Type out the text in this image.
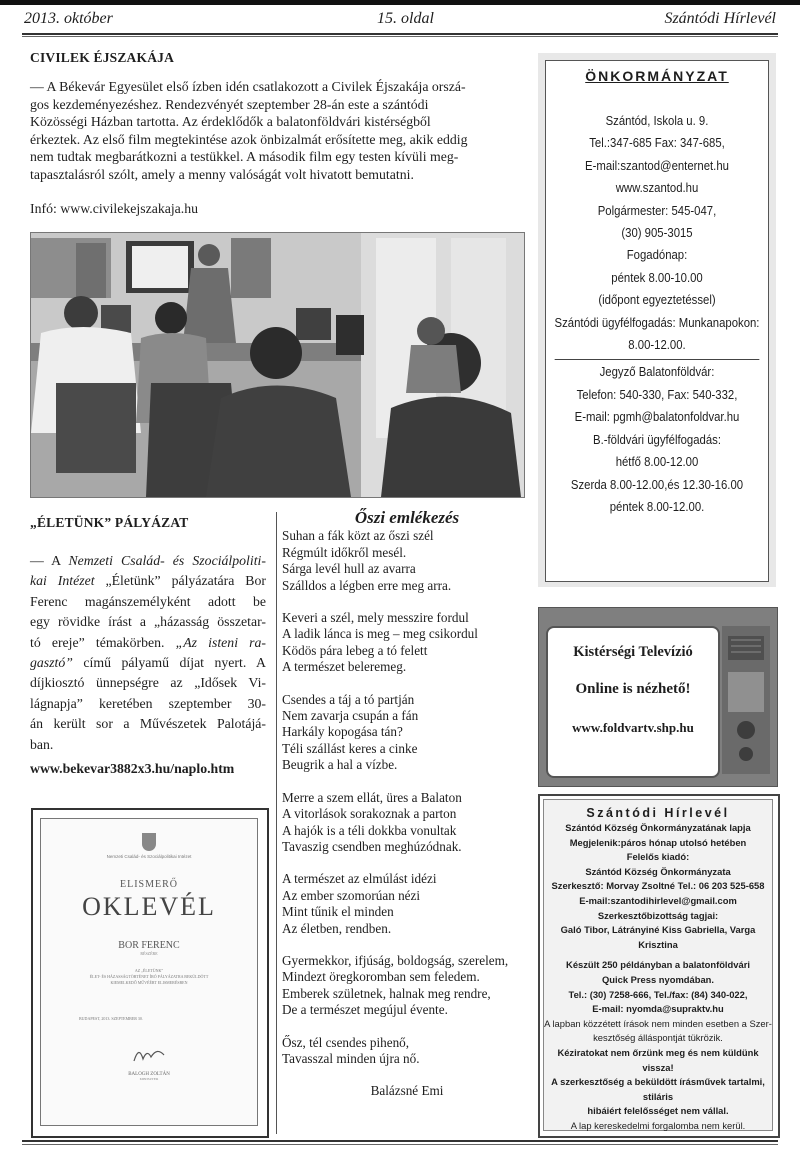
2013. október	15. oldal	Szántódi Hírlevél
CIVILEK ÉJSZAKÁJA

— A Békevár Egyesület első ízben idén csatlakozott a Civilek Éjszakája orszá-

gos kezdeményezéshez. Rendezvényét szeptember 28-án este a szántódi

Közösségi Házban tartotta. Az érdeklődők a balatonföldvári kistérségből

érkeztek. Az első film megtekintése azok önbizalmát erősítette meg, akik eddig

nem tudtak megbarátkozni a testükkel. A második film egy testen kívüli meg-

tapasztalásról szólt, amely a menny valóságát volt hivatott bemutatni.

Infó: www.civilekejszakaja.hu

„ÉLETÜNK” PÁLYÁZAT
— A Nemzeti Család- és Szociálpoliti-
kai Intézet „Életünk” pályázatára Bor
Ferenc magánszemélyként adott be
egy rövidke írást a „házasság összetar-
tó ereje” témakörben. „Az isteni ra-
gasztó” című pályamű díjat nyert. A
díjkiosztó ünnepségre az „Idősek Vi-
lágnapja” keretében szeptember 30-
án került sor a Művészetek Palotájá-
ban.
www.bekevar3882x3.hu/naplo.htm
Nemzeti Család- és Szociálpolitikai Intézet
ELISMERŐ
OKLEVÉL
BOR FERENC
RÉSZÉRE
AZ „ÉLETÜNK”
ÉLET- ÉS HÁZASSÁGTÖRTÉNET ÍRÓ PÁLYÁZATRA BEKÜLDÖTT
KIEMELKEDŐ MŰVÉÉRT ELISMERÉSBEN
BUDAPEST, 2013. SZEPTEMBER 30.
BALOGH ZOLTÁN
MINISZTER
Őszi emlékezés
Suhan a fák közt az őszi szél
Régmúlt időkről mesél.
Sárga levél hull az avarra
Szálldos a légben erre meg arra.
Keveri a szél, mely messzire fordul
A ladik lánca is meg – meg csikordul
Ködös pára lebeg a tó felett
A természet beleremeg.
Csendes a táj a tó partján
Nem zavarja csupán a fán
Harkály kopogása tán?
Téli szállást keres a cinke
Beugrik a hal a vízbe.
Merre a szem ellát, üres a Balaton
A vitorlások sorakoznak a parton
A hajók is a téli dokkba vonultak
Tavaszig csendben meghúzódnak.
A természet az elmúlást idézi
Az ember szomorúan nézi
Mint tűnik el minden
Az életben, rendben.
Gyermekkor, ifjúság, boldogság, szerelem,
Mindezt öregkoromban sem feledem.
Emberek születnek, halnak meg rendre,
De a természet megújul évente.
Ősz, tél csendes pihenő,
Tavasszal minden újra nő.
Balázsné Emi
ÖNKORMÁNYZAT
Szántód, Iskola u. 9.
Tel.:347-685 Fax: 347-685,
E-mail:szantod@enternet.hu
www.szantod.hu
Polgármester: 545-047,
(30) 905-3015
Fogadónap:
péntek 8.00-10.00
(időpont egyeztetéssel)
Szántódi ügyfélfogadás: Munkanapokon:
8.00-12.00.
Jegyző Balatonföldvár:
Telefon: 540-330, Fax: 540-332,
E-mail: pgmh@balatonfoldvar.hu
B.-földvári ügyfélfogadás:
hétfő 8.00-12.00
Szerda 8.00-12.00,és 12.30-16.00
péntek 8.00-12.00.
Kistérségi Televízió
Online is nézhető!
www.foldvartv.shp.hu
Szántódi Hírlevél
Szántód Község Önkormányzatának lapja
Megjelenik:páros hónap utolsó hetében
Felelős kiadó:
Szántód Község Önkormányzata
Szerkesztő: Morvay Zsoltné Tel.: 06 203 525-658
E-mail:szantodihirlevel@gmail.com
Szerkesztőbizottság tagjai:
Galó Tibor, Látrányiné Kiss Gabriella, Varga Krisztina

Készült 250 példányban a balatonföldvári
Quick Press nyomdában.
Tel.: (30) 7258-666, Tel./fax: (84) 340-022,
E-mail: nyomda@supraktv.hu
A lapban közzétett írások nem minden esetben a Szer-
kesztőség álláspontját tükrözik.
Kéziratokat nem őrzünk meg és nem küldünk vissza!
A szerkesztőség a beküldött írásművek tartalmi, stiláris
hibáiért felelősséget nem vállal.
A lap kereskedelmi forgalomba nem kerül.
